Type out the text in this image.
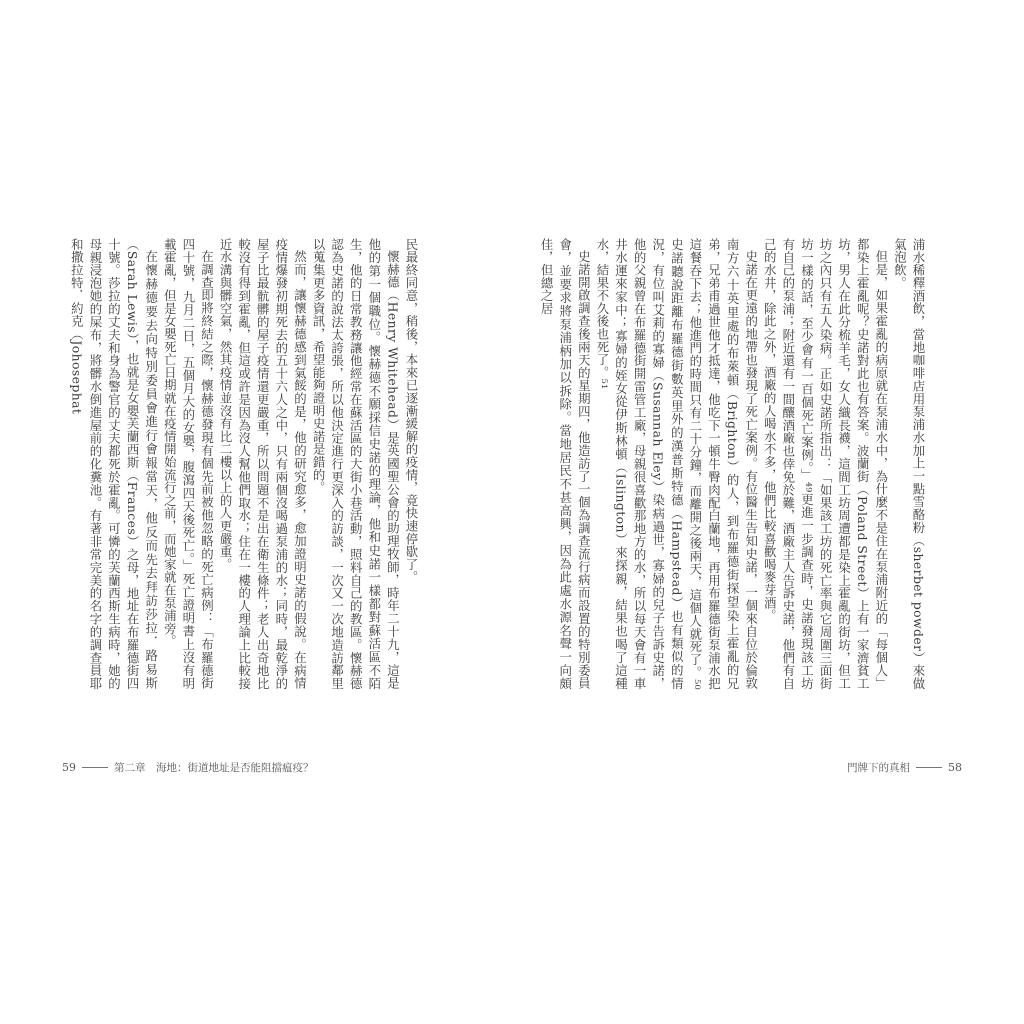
民最終同意，稍後，本來已逐漸緩解的疫情，竟快速停歇了。

懷赫德（Henry Whitehead）是英國聖公會的助理牧師，時年二十九，這是他的第一個職位。懷赫德不願採信史諾的理論，他和史諾一樣都對蘇活區不陌生，他的日常教務讓他經常在蘇活區的大街小巷活動，照料自己的教區。懷赫德認為史諾的說法太誇張，所以他決定進行更深入的訪談，一次又一次地造訪鄰里以蒐集更多資訊，希望能夠證明史諾是錯的。

然而，讓懷赫德感到氣餒的是，他的研究愈多，愈加證明史諾的假說。在病情疫情爆發初期死去的五十六人之中，只有兩個沒喝過泵浦的水；同時，最乾淨的屋子比最骯髒的屋子疫情還更嚴重，所以問題不是出在衛生條件；老人出奇地比較沒有得到霍亂，但這或許是因為沒人幫他們取水；住在一樓的人理論上比較接近水溝與髒空氣，然其疫情並沒有比二樓以上的人更嚴重。

在調查即將終結之際，懷赫德發現有個先前被他忽略的死亡病例：「布羅德街四十號，九月二日，五個月大的女嬰，腹瀉四天後死亡。」死亡證明書上沒有明載霍亂，但是女嬰死亡日期就在疫情開始流行之前，而她家就在泵浦旁。

在懷赫德要去向特別委員會進行會報當天，他反而先去拜訪莎拉．路易斯（Sarah Lewis），也就是女嬰芙蘭西斯（Frances）之母，地址在布羅德街四十號。莎拉的丈夫和身為警官的丈夫都死於霍亂。可憐的芙蘭西斯生病時，她的母親浸泡她的屎布，將髒水倒進屋前的化糞池。有著非常完美的名字的調查員耶和撒拉特．約克（Johosephat

59	第二章　海地：街道地址是否能阻擋瘟疫？

浦水稀釋酒飲，當地咖啡店用泵浦水加上一點雪酪粉（sherbet powder）來做氣泡飲。

但是，如果霍亂的病原就在泵浦水中，為什麼不是住在泵浦附近的「每個人」都染上霍亂呢？史諾對此也有答案。波蘭街（Poland Street）上有一家濟貧工坊，男人在此分梳羊毛，女人織長襪，這間工坊周遭都是染上霍亂的街坊，但工坊之內只有五人染病。正如史諾所指出：「如果該工坊的死亡率與它周圍三面街坊一樣的話，至少會有一百個死亡案例。」⁴⁹更進一步調查時，史諾發現該工坊有自己的泵浦；附近還有一間釀酒廠也倖免於難，酒廠主人告訴史諾，他們有自己的水井，除此之外，酒廠的人喝水不多，他們比較喜歡喝麥芽酒。

史諾在更遠的地帶也發現了死亡案例。有位醫生告知史諾，一個來自位於倫敦南方六十英里處的布萊頓（Brighton）的人，到布羅德街探望染上霍亂的兄弟，兄弟甫過世他才抵達，他吃下一頓牛臀肉配白蘭地，再用布羅德街泵浦水把這餐吞下去；他進門的時間只有二十分鐘，而離開之後兩天，這個人就死了。⁵⁰史諾聽說距離布羅德街數英里外的漢普斯特德（Hampstead）也有類似的情況，有位叫艾莉的寡婦（Susannah Eley）染病過世，寡婦的兒子告訴史諾，他的父親曾在布羅德街開雷管工廠，母親很喜歡那地方的水，所以每天會有一車井水運來家中；寡婦的姪女從伊斯林頓（Islington）來探親，結果也喝了這種水，結果不久後也死了。⁵¹

史諾開啟調查後兩天的星期四，他造訪了一個為調查流行病而設置的特別委員會，並要求將泵浦柄加以拆除。當地居民不甚高興，因為此處水源名聲一向頗佳，但總之居

門牌下的真相	58
